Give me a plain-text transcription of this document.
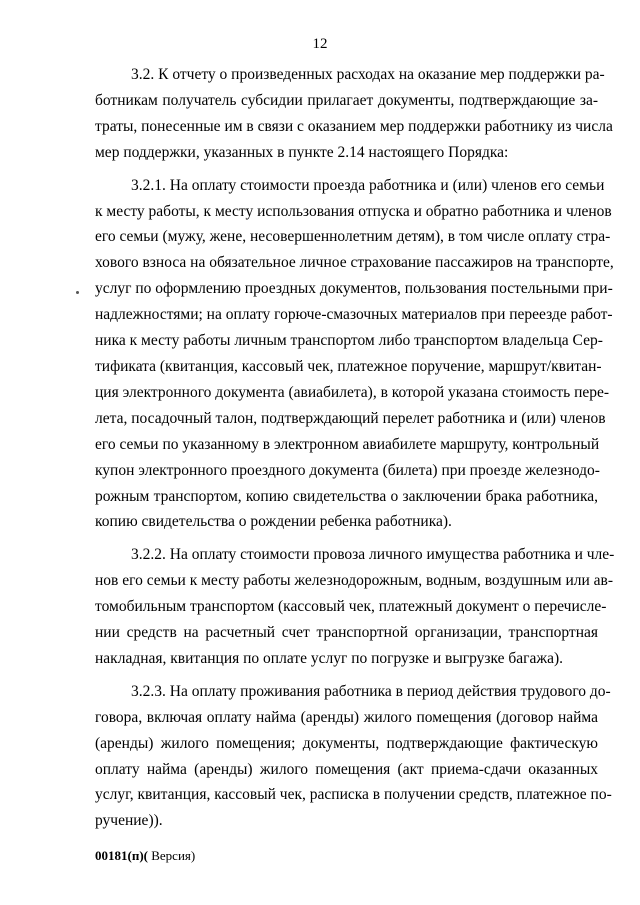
12
3.2. К отчету о произведенных расходах на оказание мер поддержки ра-
ботникам получатель субсидии прилагает документы, подтверждающие за-
траты, понесенные им в связи с оказанием мер поддержки работнику из числа
мер поддержки, указанных в пункте 2.14 настоящего Порядка:
3.2.1. На оплату стоимости проезда работника и (или) членов его семьи
к месту работы, к месту использования отпуска и обратно работника и членов
его семьи (мужу, жене, несовершеннолетним детям), в том числе оплату стра-
хового взноса на обязательное личное страхование пассажиров на транспорте,
услуг по оформлению проездных документов, пользования постельными при-
надлежностями; на оплату горюче-смазочных материалов при переезде работ-
ника к месту работы личным транспортом либо транспортом владельца Сер-
тификата (квитанция, кассовый чек, платежное поручение, маршрут/квитан-
ция электронного документа (авиабилета), в которой указана стоимость пере-
лета, посадочный талон, подтверждающий перелет работника и (или) членов
его семьи по указанному в электронном авиабилете маршруту, контрольный
купон электронного проездного документа (билета) при проезде железнодо-
рожным транспортом, копию свидетельства о заключении брака работника,
копию свидетельства о рождении ребенка работника).
3.2.2. На оплату стоимости провоза личного имущества работника и чле-
нов его семьи к месту работы железнодорожным, водным, воздушным или ав-
томобильным транспортом (кассовый чек, платежный документ о перечисле-
нии средств на расчетный счет транспортной организации, транспортная
накладная, квитанция по оплате услуг по погрузке и выгрузке багажа).
3.2.3. На оплату проживания работника в период действия трудового до-
говора, включая оплату найма (аренды) жилого помещения (договор найма
(аренды) жилого помещения; документы, подтверждающие фактическую
оплату найма (аренды) жилого помещения (акт приема-сдачи оказанных
услуг, квитанция, кассовый чек, расписка в получении средств, платежное по-
ручение)).
00181(п)( Версия)
